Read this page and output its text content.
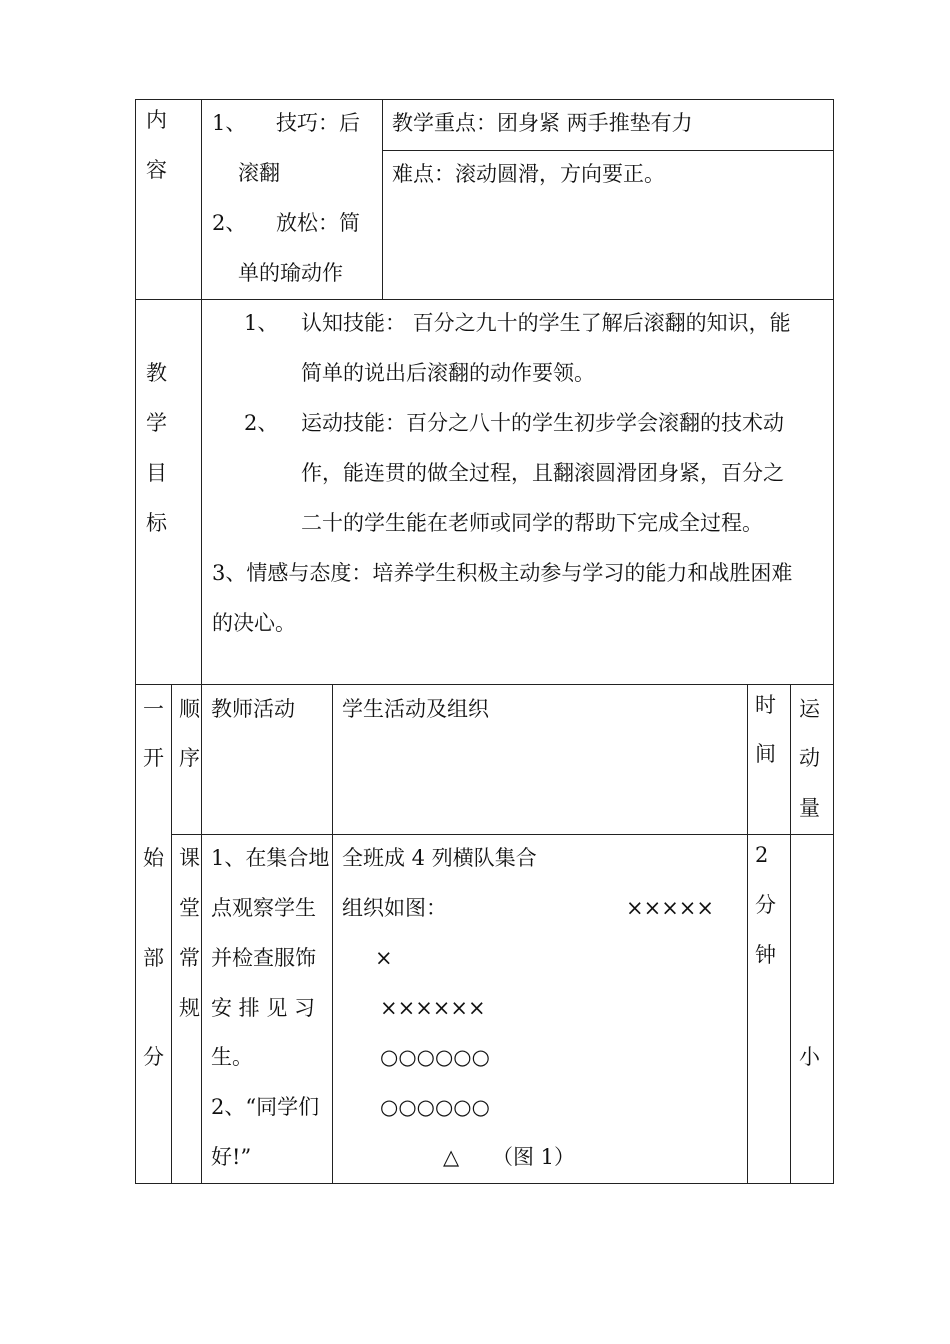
内
容
1、 技巧：后
滚翻
2、 放松：简
单的瑜动作
教学重点：团身紧 两手推垫有力
难点：滚动圆滑，方向要正。
教
学
目
标
1、 认知技能： 百分之九十的学生了解后滚翻的知识，能
简单的说出后滚翻的动作要领。
2、 运动技能：百分之八十的学生初步学会滚翻的技术动
作，能连贯的做全过程，且翻滚圆滑团身紧，百分之
二十的学生能在老师或同学的帮助下完成全过程。
3、情感与态度：培养学生积极主动参与学习的能力和战胜困难
的决心。
一
开
始
部
分
顺
序
教师活动 学生活动及组织	时
间
运
动
量
课
堂
常
规
1、在集合地
点观察学生
并检查服饰
安 排 见 习
生。
2、“同学们
好!”
全班成 4 列横队集合
组织如图：	×××××
×
××××××
○○○○○○
○○○○○○
△ （图 1）
2
分
钟
小
